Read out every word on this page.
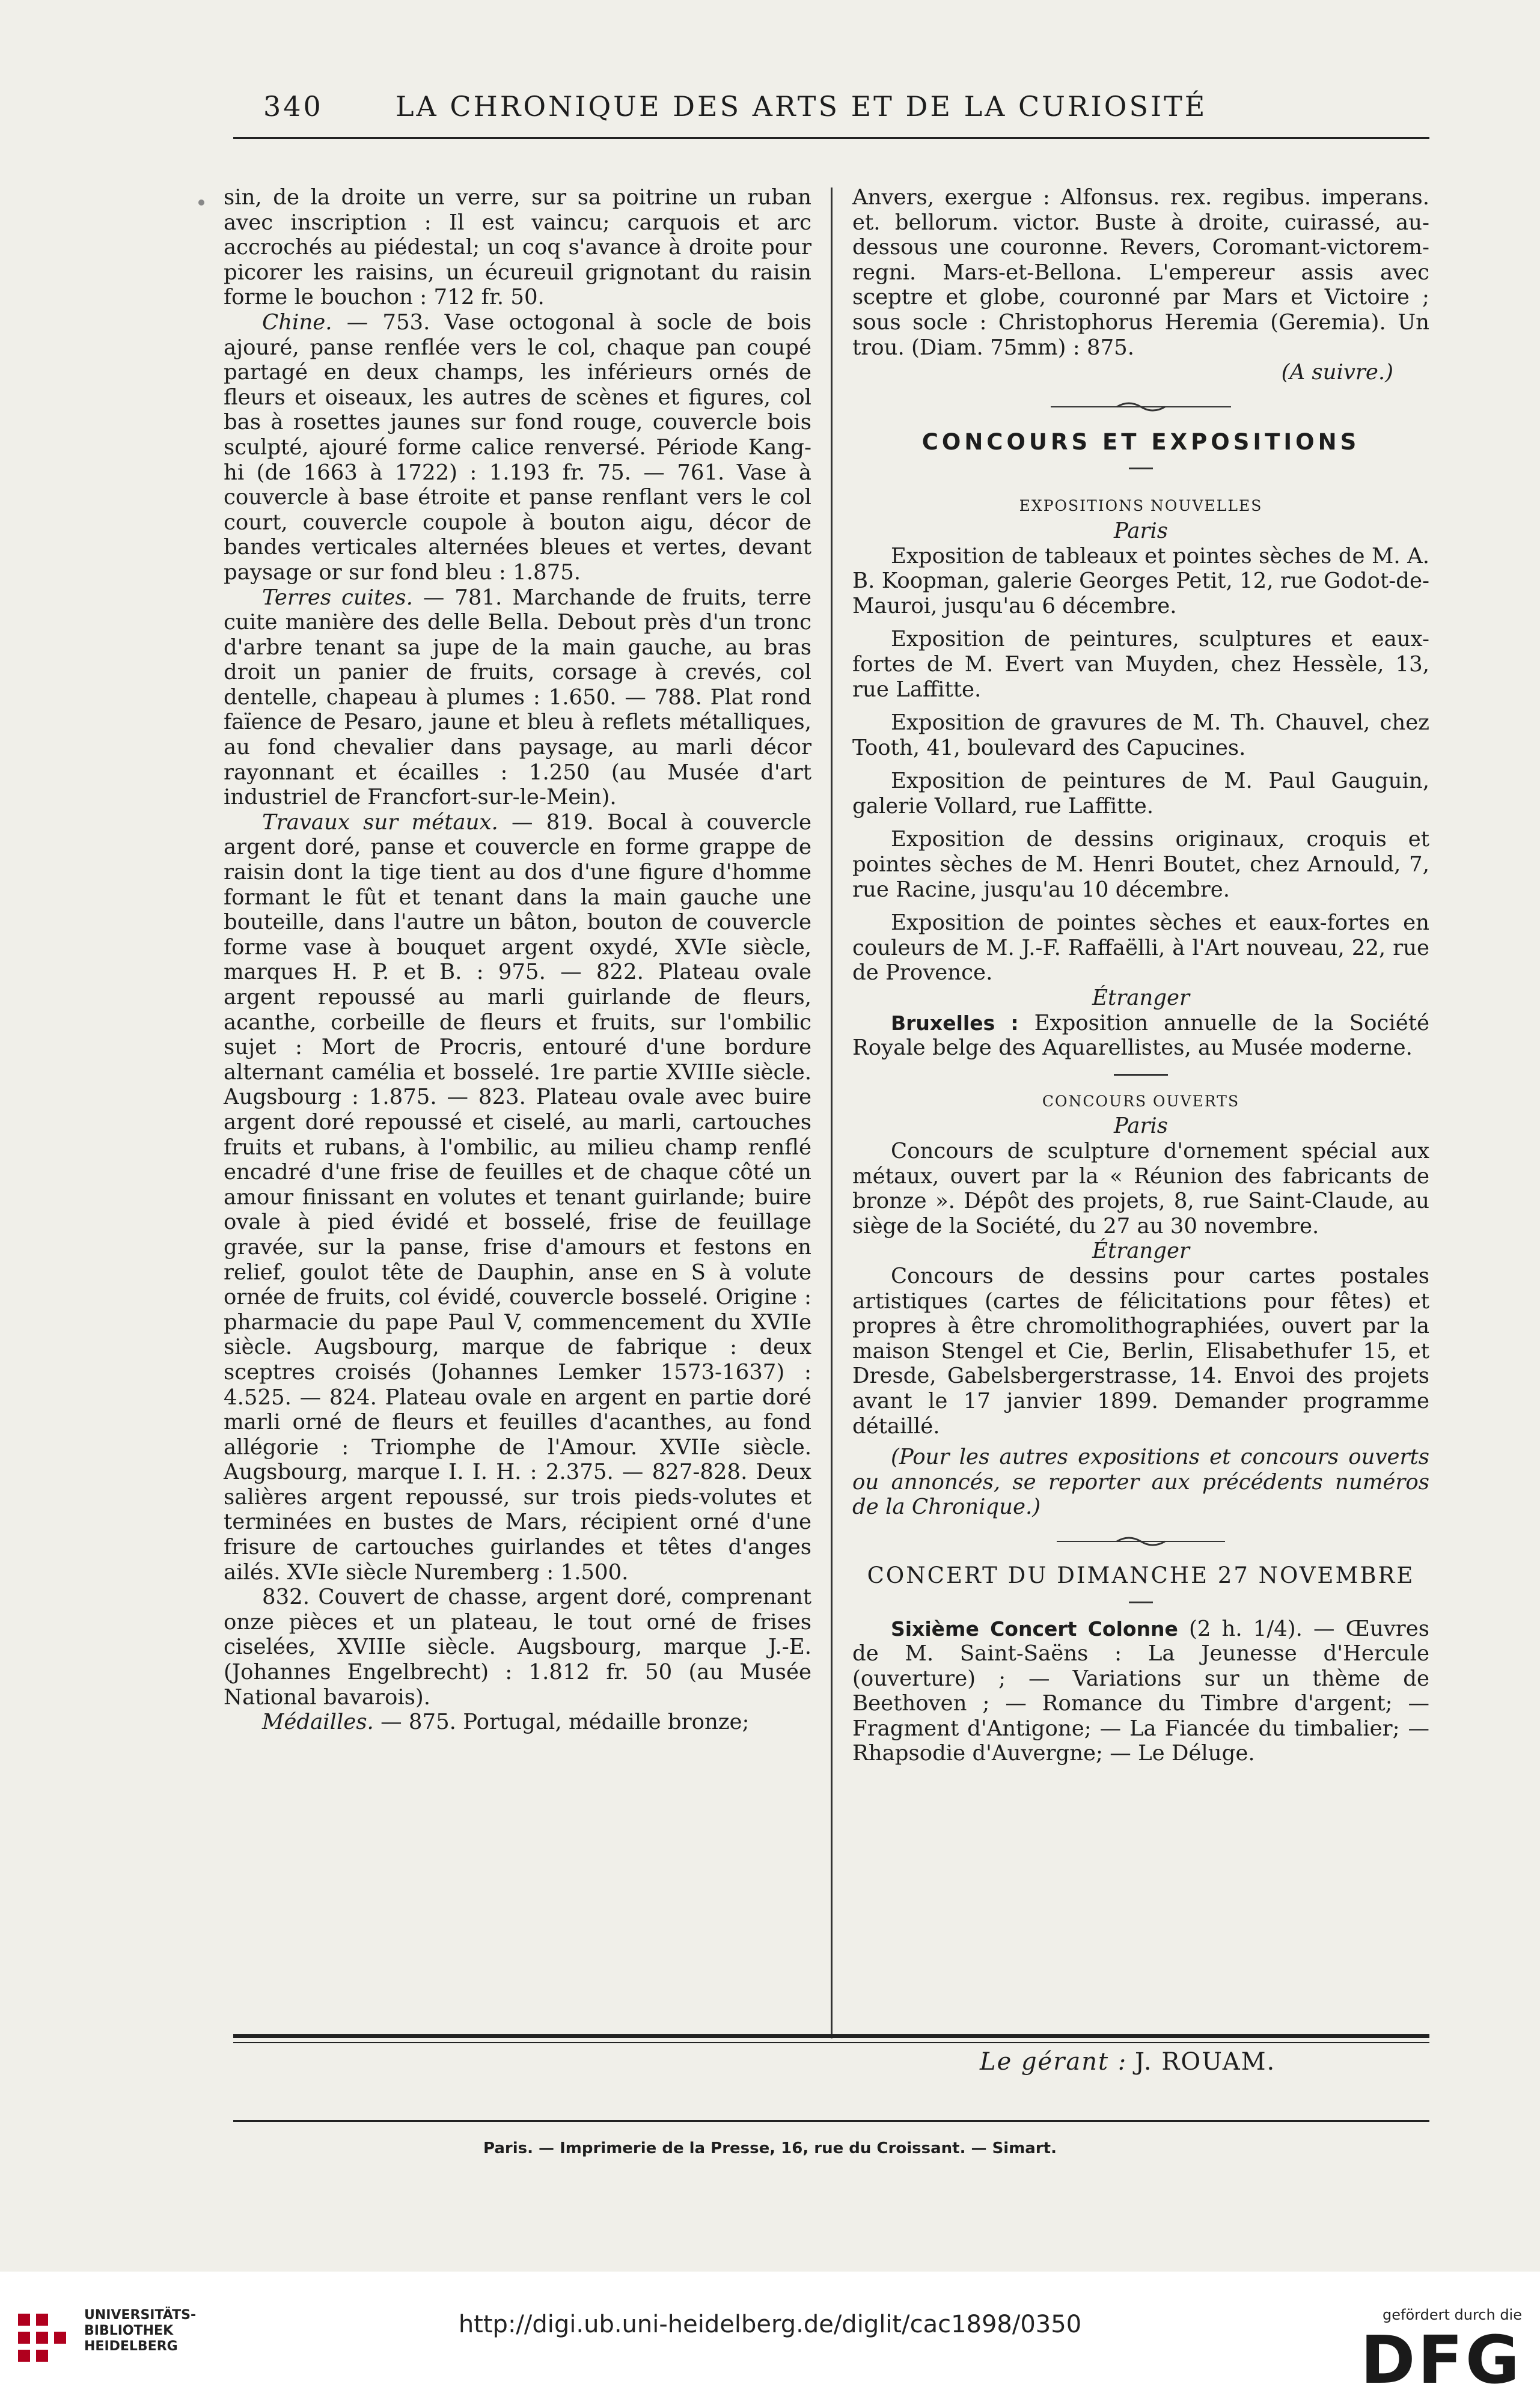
340	LA CHRONIQUE DES ARTS ET DE LA CURIOSITÉ

sin, de la droite un verre, sur sa poitrine un ruban avec inscription : Il est vaincu; carquois et arc accrochés au piédestal; un coq s'avance à droite pour picorer les raisins, un écureuil grignotant du raisin forme le bouchon : 712 fr. 50.

Chine. — 753. Vase octogonal à socle de bois ajouré, panse renflée vers le col, chaque pan coupé partagé en deux champs, les inférieurs ornés de fleurs et oiseaux, les autres de scènes et figures, col bas à rosettes jaunes sur fond rouge, couvercle bois sculpté, ajouré forme calice renversé. Période Kang-hi (de 1663 à 1722) : 1.193 fr. 75. — 761. Vase à couvercle à base étroite et panse renflant vers le col court, couvercle coupole à bouton aigu, décor de bandes verticales alternées bleues et vertes, devant paysage or sur fond bleu : 1.875.

Terres cuites. — 781. Marchande de fruits, terre cuite manière des delle Bella. Debout près d'un tronc d'arbre tenant sa jupe de la main gauche, au bras droit un panier de fruits, corsage à crevés, col dentelle, chapeau à plumes : 1.650. — 788. Plat rond faïence de Pesaro, jaune et bleu à reflets métalliques, au fond chevalier dans paysage, au marli décor rayonnant et écailles : 1.250 (au Musée d'art industriel de Francfort-sur-le-Mein).

Travaux sur métaux. — 819. Bocal à couvercle argent doré, panse et couvercle en forme grappe de raisin dont la tige tient au dos d'une figure d'homme formant le fût et tenant dans la main gauche une bouteille, dans l'autre un bâton, bouton de couvercle forme vase à bouquet argent oxydé, XVIe siècle, marques H. P. et B. : 975. — 822. Plateau ovale argent repoussé au marli guirlande de fleurs, acanthe, corbeille de fleurs et fruits, sur l'ombilic sujet : Mort de Procris, entouré d'une bordure alternant camélia et bosselé. 1re partie XVIIIe siècle. Augsbourg : 1.875. — 823. Plateau ovale avec buire argent doré repoussé et ciselé, au marli, cartouches fruits et rubans, à l'ombilic, au milieu champ renflé encadré d'une frise de feuilles et de chaque côté un amour finissant en volutes et tenant guirlande; buire ovale à pied évidé et bosselé, frise de feuillage gravée, sur la panse, frise d'amours et festons en relief, goulot tête de Dauphin, anse en S à volute ornée de fruits, col évidé, couvercle bosselé. Origine : pharmacie du pape Paul V, commencement du XVIIe siècle. Augsbourg, marque de fabrique : deux sceptres croisés (Johannes Lemker 1573-1637) : 4.525. — 824. Plateau ovale en argent en partie doré marli orné de fleurs et feuilles d'acanthes, au fond allégorie : Triomphe de l'Amour. XVIIe siècle. Augsbourg, marque I. I. H. : 2.375. — 827-828. Deux salières argent repoussé, sur trois pieds-volutes et terminées en bustes de Mars, récipient orné d'une frisure de cartouches guirlandes et têtes d'anges ailés. XVIe siècle Nuremberg : 1.500.

832. Couvert de chasse, argent doré, comprenant onze pièces et un plateau, le tout orné de frises ciselées, XVIIIe siècle. Augsbourg, marque J.-E. (Johannes Engelbrecht) : 1.812 fr. 50 (au Musée National bavarois).

Médailles. — 875. Portugal, médaille bronze;

Anvers, exergue : Alfonsus. rex. regibus. imperans. et. bellorum. victor. Buste à droite, cuirassé, au-dessous une couronne. Revers, Coromant-victorem-regni. Mars-et-Bellona. L'empereur assis avec sceptre et globe, couronné par Mars et Victoire ; sous socle : Christophorus Heremia (Geremia). Un trou. (Diam. 75mm) : 875.

(A suivre.)

CONCOURS ET EXPOSITIONS
EXPOSITIONS NOUVELLES

Paris

Exposition de tableaux et pointes sèches de M. A. B. Koopman, galerie Georges Petit, 12, rue Godot-de-Mauroi, jusqu'au 6 décembre.

Exposition de peintures, sculptures et eaux-fortes de M. Evert van Muyden, chez Hessèle, 13, rue Laffitte.

Exposition de gravures de M. Th. Chauvel, chez Tooth, 41, boulevard des Capucines.

Exposition de peintures de M. Paul Gauguin, galerie Vollard, rue Laffitte.

Exposition de dessins originaux, croquis et pointes sèches de M. Henri Boutet, chez Arnould, 7, rue Racine, jusqu'au 10 décembre.

Exposition de pointes sèches et eaux-fortes en couleurs de M. J.-F. Raffaëlli, à l'Art nouveau, 22, rue de Provence.

Étranger

Bruxelles : Exposition annuelle de la Société Royale belge des Aquarellistes, au Musée moderne.

CONCOURS OUVERTS

Paris

Concours de sculpture d'ornement spécial aux métaux, ouvert par la « Réunion des fabricants de bronze ». Dépôt des projets, 8, rue Saint-Claude, au siège de la Société, du 27 au 30 novembre.

Étranger

Concours de dessins pour cartes postales artistiques (cartes de félicitations pour fêtes) et propres à être chromolithographiées, ouvert par la maison Stengel et Cie, Berlin, Elisabethufer 15, et Dresde, Gabelsbergerstrasse, 14. Envoi des projets avant le 17 janvier 1899. Demander programme détaillé.

(Pour les autres expositions et concours ouverts ou annoncés, se reporter aux précédents numéros de la Chronique.)

CONCERT DU DIMANCHE 27 NOVEMBRE

Sixième Concert Colonne (2 h. 1/4). — Œuvres de M. Saint-Saëns : La Jeunesse d'Hercule (ouverture) ; — Variations sur un thème de Beethoven ; — Romance du Timbre d'argent; — Fragment d'Antigone; — La Fiancée du timbalier; — Rhapsodie d'Auvergne; — Le Déluge.

Le gérant : J. ROUAM.
Paris. — Imprimerie de la Presse, 16, rue du Croissant. — Simart.
UNIVERSITÄTS-
BIBLIOTHEK
HEIDELBERG
http://digi.ub.uni-heidelberg.de/diglit/cac1898/0350	gefördert durch die
DFG
